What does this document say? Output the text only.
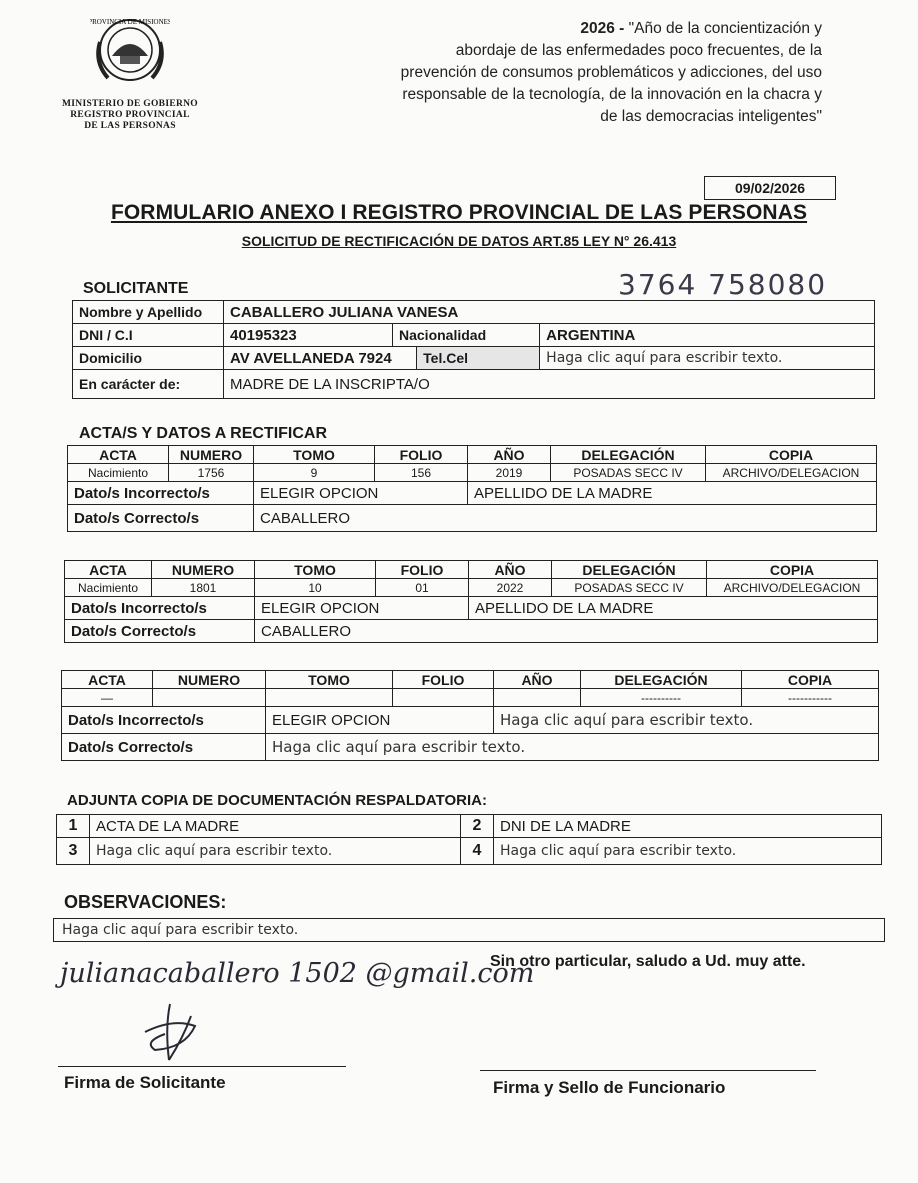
PROVINCIA DE MISIONES
MINISTERIO DE GOBIERNO
REGISTRO PROVINCIAL
DE LAS PERSONAS
2026 - "Año de la concientización y
abordaje de las enfermedades poco frecuentes, de la
prevención de consumos problemáticos y adicciones, del uso
responsable de la tecnología, de la innovación en la chacra y
de las democracias inteligentes"
09/02/2026
FORMULARIO ANEXO I REGISTRO PROVINCIAL DE LAS PERSONAS
SOLICITUD DE RECTIFICACIÓN DE DATOS ART.85 LEY N° 26.413
SOLICITANTE	3764 758080
Nombre y Apellido	CABALLERO JULIANA VANESA			
DNI / C.I	40195323	Nacionalidad		ARGENTINA
Domicilio	AV AVELLANEDA 7924		Tel.Cel	Haga clic aquí para escribir texto.
En carácter de:	MADRE DE LA INSCRIPTA/O			
ACTA/S Y DATOS A RECTIFICAR
ACTA	NUMERO	TOMO	FOLIO	AÑO	DELEGACIÓN	COPIA
Nacimiento	1756	9	156	2019	POSADAS SECC IV	ARCHIVO/DELEGACION
Dato/s Incorrecto/s		ELEGIR OPCION		APELLIDO DE LA MADRE		
Dato/s Correcto/s		CABALLERO				
ACTA	NUMERO	TOMO	FOLIO	AÑO	DELEGACIÓN	COPIA
Nacimiento	1801	10	01	2022	POSADAS SECC IV	ARCHIVO/DELEGACION
Dato/s Incorrecto/s		ELEGIR OPCION		APELLIDO DE LA MADRE		
Dato/s Correcto/s		CABALLERO				
ACTA	NUMERO	TOMO	FOLIO	AÑO	DELEGACIÓN	COPIA
—					----------	-----------
Dato/s Incorrecto/s		ELEGIR OPCION		Haga clic aquí para escribir texto.		
Dato/s Correcto/s		Haga clic aquí para escribir texto.				
ADJUNTA COPIA DE DOCUMENTACIÓN RESPALDATORIA:
1	ACTA DE LA MADRE	2	DNI DE LA MADRE
3	Haga clic aquí para escribir texto.	4	Haga clic aquí para escribir texto.
OBSERVACIONES:
Haga clic aquí para escribir texto.
Sin otro particular, saludo a Ud. muy atte.
julianacaballero 1502 @gmail.com
Firma de Solicitante	Firma y Sello de Funcionario
